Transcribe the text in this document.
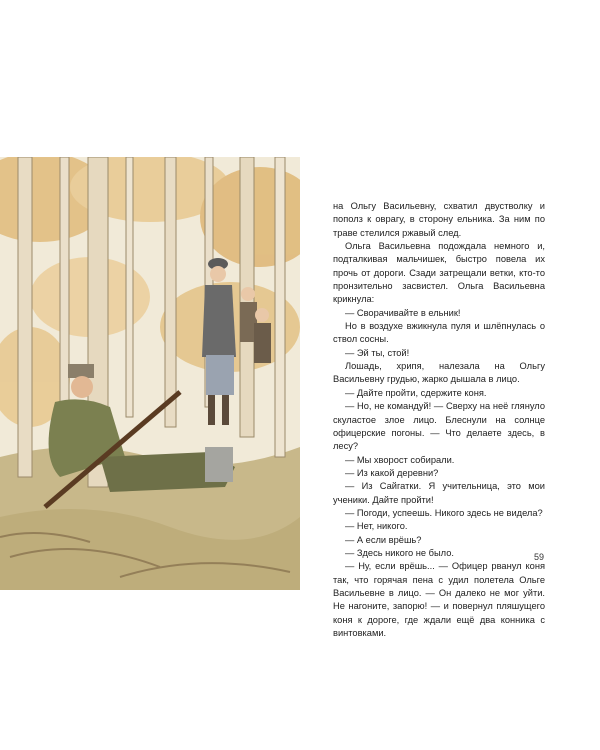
на Ольгу Васильевну, схватил двустволку и пополз к оврагу, в сторону ельника. За ним по траве стелился ржавый след.

Ольга Васильевна подождала немного и, подталкивая мальчишек, быстро повела их прочь от дороги. Сзади затрещали ветки, кто-то пронзительно засвистел. Ольга Васильевна крикнула:

— Сворачивайте в ельник!

Но в воздухе вжикнула пуля и шлёпнулась о ствол сосны.

— Эй ты, стой!

Лошадь, хрипя, налезала на Ольгу Васильевну грудью, жарко дышала в лицо.

— Дайте пройти, сдержите коня.

— Но, не командуй! — Сверху на неё глянуло скуластое злое лицо. Блеснули на солнце офицерские погоны. — Что делаете здесь, в лесу?

— Мы хворост собирали.

— Из какой деревни?

— Из Сайгатки. Я учительница, это мои ученики. Дайте пройти!

— Погоди, успеешь. Никого здесь не видела?

— Нет, никого.

— А если врёшь?

— Здесь никого не было.

— Ну, если врёшь... — Офицер рванул коня так, что горячая пена с удил полетела Ольге Васильевне в лицо. — Он далеко не мог уйти. Не нагоните, запорю! — и повернул пляшущего коня к дороге, где ждали ещё два конника с винтовками.

59
